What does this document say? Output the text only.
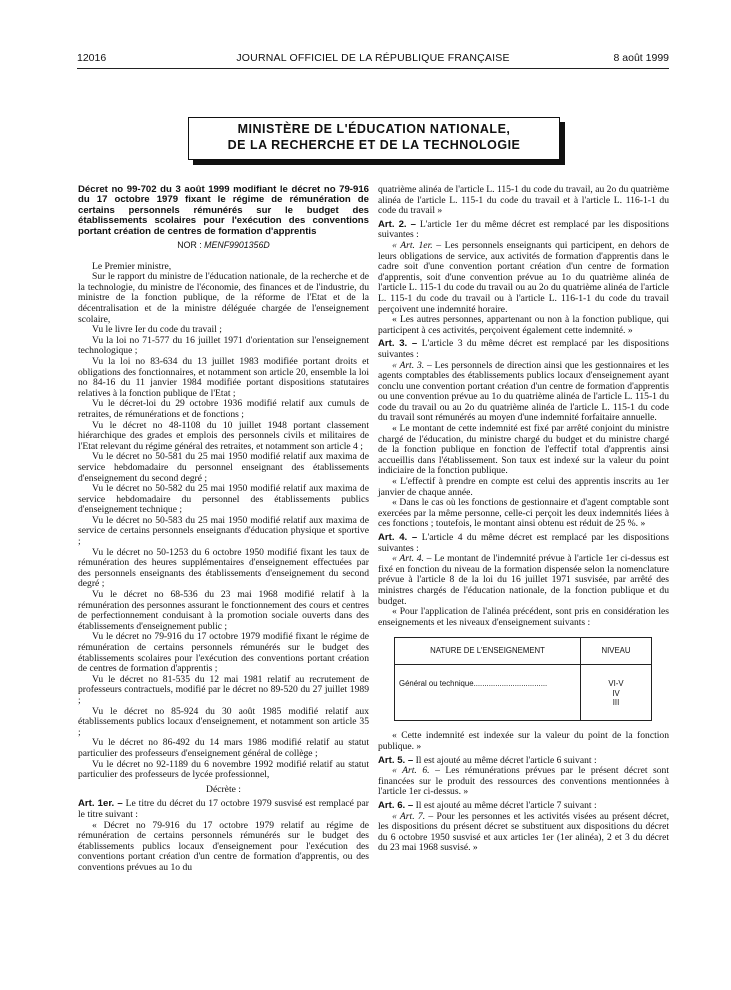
12016	JOURNAL OFFICIEL DE LA RÉPUBLIQUE FRANÇAISE	8 août 1999
MINISTÈRE DE L'ÉDUCATION NATIONALE,
DE LA RECHERCHE ET DE LA TECHNOLOGIE

Décret no 99-702 du 3 août 1999 modifiant le décret no 79-916 du 17 octobre 1979 fixant le régime de rémunération de certains personnels rémunérés sur le budget des établissements scolaires pour l'exécution des conventions portant création de centres de formation d'apprentis

NOR : MENF9901356D

Le Premier ministre,

Sur le rapport du ministre de l'éducation nationale, de la recherche et de la technologie, du ministre de l'économie, des finances et de l'industrie, du ministre de la fonction publique, de la réforme de l'Etat et de la décentralisation et de la ministre déléguée chargée de l'enseignement scolaire,

Vu le livre Ier du code du travail ;

Vu la loi no 71-577 du 16 juillet 1971 d'orientation sur l'enseignement technologique ;

Vu la loi no 83-634 du 13 juillet 1983 modifiée portant droits et obligations des fonctionnaires, et notamment son article 20, ensemble la loi no 84-16 du 11 janvier 1984 modifiée portant dispositions statutaires relatives à la fonction publique de l'Etat ;

Vu le décret-loi du 29 octobre 1936 modifié relatif aux cumuls de retraites, de rémunérations et de fonctions ;

Vu le décret no 48-1108 du 10 juillet 1948 portant classement hiérarchique des grades et emplois des personnels civils et militaires de l'Etat relevant du régime général des retraites, et notamment son article 4 ;

Vu le décret no 50-581 du 25 mai 1950 modifié relatif aux maxima de service hebdomadaire du personnel enseignant des établissements d'enseignement du second degré ;

Vu le décret no 50-582 du 25 mai 1950 modifié relatif aux maxima de service hebdomadaire du personnel des établissements publics d'enseignement technique ;

Vu le décret no 50-583 du 25 mai 1950 modifié relatif aux maxima de service de certains personnels enseignants d'éducation physique et sportive ;

Vu le décret no 50-1253 du 6 octobre 1950 modifié fixant les taux de rémunération des heures supplémentaires d'enseignement effectuées par des personnels enseignants des établissements d'enseignement du second degré ;

Vu le décret no 68-536 du 23 mai 1968 modifié relatif à la rémunération des personnes assurant le fonctionnement des cours et centres de perfectionnement conduisant à la promotion sociale ouverts dans des établissements d'enseignement public ;

Vu le décret no 79-916 du 17 octobre 1979 modifié fixant le régime de rémunération de certains personnels rémunérés sur le budget des établissements scolaires pour l'exécution des conventions portant création de centres de formation d'apprentis ;

Vu le décret no 81-535 du 12 mai 1981 relatif au recrutement de professeurs contractuels, modifié par le décret no 89-520 du 27 juillet 1989 ;

Vu le décret no 85-924 du 30 août 1985 modifié relatif aux établissements publics locaux d'enseignement, et notamment son article 35 ;

Vu le décret no 86-492 du 14 mars 1986 modifié relatif au statut particulier des professeurs d'enseignement général de collège ;

Vu le décret no 92-1189 du 6 novembre 1992 modifié relatif au statut particulier des professeurs de lycée professionnel,

Décrète :

Art. 1er. – Le titre du décret du 17 octobre 1979 susvisé est remplacé par le titre suivant :

« Décret no 79-916 du 17 octobre 1979 relatif au régime de rémunération de certains personnels rémunérés sur le budget des établissements publics locaux d'enseignement pour l'exécution des conventions portant création d'un centre de formation d'apprentis, ou des conventions prévues au 1o du

quatrième alinéa de l'article L. 115-1 du code du travail, au 2o du quatrième alinéa de l'article L. 115-1 du code du travail et à l'article L. 116-1-1 du code du travail »

Art. 2. – L'article 1er du même décret est remplacé par les dispositions suivantes :

« Art. 1er. – Les personnels enseignants qui participent, en dehors de leurs obligations de service, aux activités de formation d'apprentis dans le cadre soit d'une convention portant création d'un centre de formation d'apprentis, soit d'une convention prévue au 1o du quatrième alinéa de l'article L. 115-1 du code du travail ou au 2o du quatrième alinéa de l'article L. 115-1 du code du travail ou à l'article L. 116-1-1 du code du travail perçoivent une indemnité horaire.

« Les autres personnes, appartenant ou non à la fonction publique, qui participent à ces activités, perçoivent également cette indemnité. »

Art. 3. – L'article 3 du même décret est remplacé par les dispositions suivantes :

« Art. 3. – Les personnels de direction ainsi que les gestionnaires et les agents comptables des établissements publics locaux d'enseignement ayant conclu une convention portant création d'un centre de formation d'apprentis ou une convention prévue au 1o du quatrième alinéa de l'article L. 115-1 du code du travail ou au 2o du quatrième alinéa de l'article L. 115-1 du code du travail sont rémunérés au moyen d'une indemnité forfaitaire annuelle.

« Le montant de cette indemnité est fixé par arrêté conjoint du ministre chargé de l'éducation, du ministre chargé du budget et du ministre chargé de la fonction publique en fonction de l'effectif total d'apprentis ainsi accueillis dans l'établissement. Son taux est indexé sur la valeur du point indiciaire de la fonction publique.

« L'effectif à prendre en compte est celui des apprentis inscrits au 1er janvier de chaque année.

« Dans le cas où les fonctions de gestionnaire et d'agent comptable sont exercées par la même personne, celle-ci perçoit les deux indemnités liées à ces fonctions ; toutefois, le montant ainsi obtenu est réduit de 25 %. »

Art. 4. – L'article 4 du même décret est remplacé par les dispositions suivantes :

« Art. 4. – Le montant de l'indemnité prévue à l'article 1er ci-dessus est fixé en fonction du niveau de la formation dispensée selon la nomenclature prévue à l'article 8 de la loi du 16 juillet 1971 susvisée, par arrêté des ministres chargés de l'éducation nationale, de la fonction publique et du budget.

« Pour l'application de l'alinéa précédent, sont pris en considération les enseignements et les niveaux d'enseignement suivants :

NATURE DE L'ENSEIGNEMENT	NIVEAU
Général ou technique..................................	VI-V
IV
III

« Cette indemnité est indexée sur la valeur du point de la fonction publique. »

Art. 5. – Il est ajouté au même décret l'article 6 suivant :

« Art. 6. – Les rémunérations prévues par le présent décret sont financées sur le produit des ressources des conventions mentionnées à l'article 1er ci-dessus. »

Art. 6. – Il est ajouté au même décret l'article 7 suivant :

« Art. 7. – Pour les personnes et les activités visées au présent décret, les dispositions du présent décret se substituent aux dispositions du décret du 6 octobre 1950 susvisé et aux articles 1er (1er alinéa), 2 et 3 du décret du 23 mai 1968 susvisé. »
